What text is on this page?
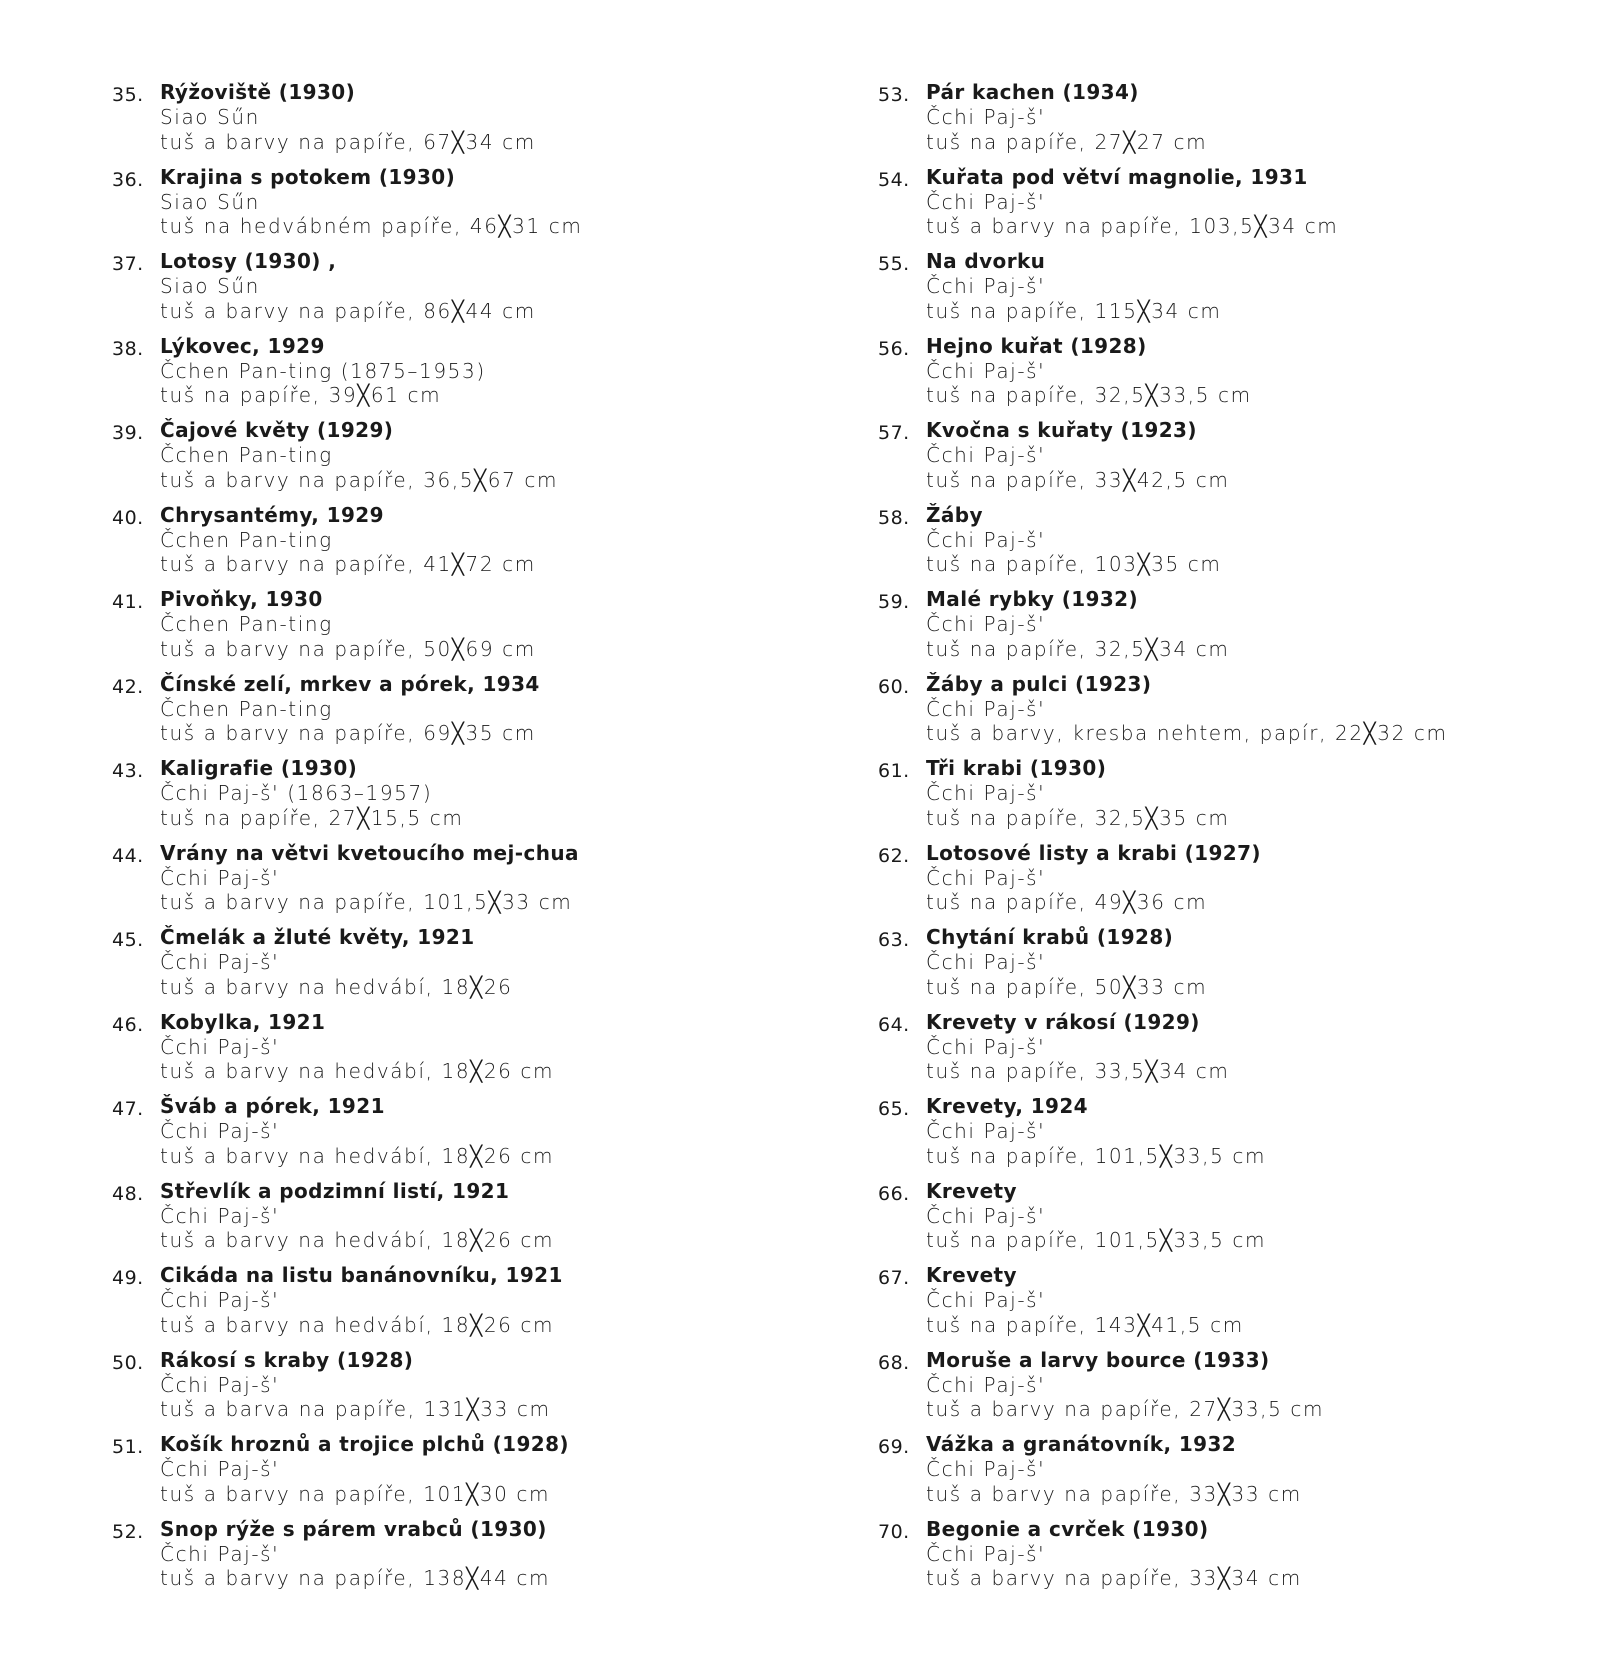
35. Rýžoviště (1930)
Siao Sűn
tuš a barvy na papíře, 67╳34 cm
36. Krajina s potokem (1930)
Siao Sűn
tuš na hedvábném papíře, 46╳31 cm
37. Lotosy (1930) ,
Siao Sűn
tuš a barvy na papíře, 86╳44 cm
38. Lýkovec, 1929
Čchen Pan-ting (1875–1953)
tuš na papíře, 39╳61 cm
39. Čajové květy (1929)
Čchen Pan-ting
tuš a barvy na papíře, 36,5╳67 cm
40. Chrysantémy, 1929
Čchen Pan-ting
tuš a barvy na papíře, 41╳72 cm
41. Pivoňky, 1930
Čchen Pan-ting
tuš a barvy na papíře, 50╳69 cm
42. Čínské zelí, mrkev a pórek, 1934
Čchen Pan-ting
tuš a barvy na papíře, 69╳35 cm
43. Kaligrafie (1930)
Čchi Paj-š' (1863–1957)
tuš na papíře, 27╳15,5 cm
44. Vrány na větvi kvetoucího mej-chua
Čchi Paj-š'
tuš a barvy na papíře, 101,5╳33 cm
45. Čmelák a žluté květy, 1921
Čchi Paj-š'
tuš a barvy na hedvábí, 18╳26
46. Kobylka, 1921
Čchi Paj-š'
tuš a barvy na hedvábí, 18╳26 cm
47. Šváb a pórek, 1921
Čchi Paj-š'
tuš a barvy na hedvábí, 18╳26 cm
48. Střevlík a podzimní listí, 1921
Čchi Paj-š'
tuš a barvy na hedvábí, 18╳26 cm
49. Cikáda na listu banánovníku, 1921
Čchi Paj-š'
tuš a barvy na hedvábí, 18╳26 cm
50. Rákosí s kraby (1928)
Čchi Paj-š'
tuš a barva na papíře, 131╳33 cm
51. Košík hroznů a trojice plchů (1928)
Čchi Paj-š'
tuš a barvy na papíře, 101╳30 cm
52. Snop rýže s párem vrabců (1930)
Čchi Paj-š'
tuš a barvy na papíře, 138╳44 cm
53. Pár kachen (1934)
Čchi Paj-š'
tuš na papíře, 27╳27 cm
54. Kuřata pod větví magnolie, 1931
Čchi Paj-š'
tuš a barvy na papíře, 103,5╳34 cm
55. Na dvorku
Čchi Paj-š'
tuš na papíře, 115╳34 cm
56. Hejno kuřat (1928)
Čchi Paj-š'
tuš na papíře, 32,5╳33,5 cm
57. Kvočna s kuřaty (1923)
Čchi Paj-š'
tuš na papíře, 33╳42,5 cm
58. Žáby
Čchi Paj-š'
tuš na papíře, 103╳35 cm
59. Malé rybky (1932)
Čchi Paj-š'
tuš na papíře, 32,5╳34 cm
60. Žáby a pulci (1923)
Čchi Paj-š'
tuš a barvy, kresba nehtem, papír, 22╳32 cm
61. Tři krabi (1930)
Čchi Paj-š'
tuš na papíře, 32,5╳35 cm
62. Lotosové listy a krabi (1927)
Čchi Paj-š'
tuš na papíře, 49╳36 cm
63. Chytání krabů (1928)
Čchi Paj-š'
tuš na papíře, 50╳33 cm
64. Krevety v rákosí (1929)
Čchi Paj-š'
tuš na papíře, 33,5╳34 cm
65. Krevety, 1924
Čchi Paj-š'
tuš na papíře, 101,5╳33,5 cm
66. Krevety
Čchi Paj-š'
tuš na papíře, 101,5╳33,5 cm
67. Krevety
Čchi Paj-š'
tuš na papíře, 143╳41,5 cm
68. Moruše a larvy bource (1933)
Čchi Paj-š'
tuš a barvy na papíře, 27╳33,5 cm
69. Vážka a granátovník, 1932
Čchi Paj-š'
tuš a barvy na papíře, 33╳33 cm
70. Begonie a cvrček (1930)
Čchi Paj-š'
tuš a barvy na papíře, 33╳34 cm
